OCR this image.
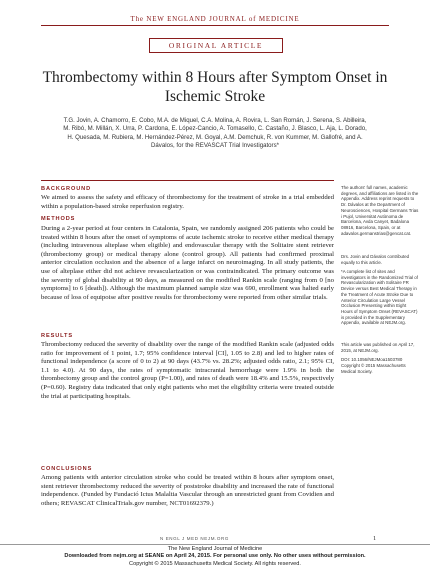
The NEW ENGLAND JOURNAL of MEDICINE
ORIGINAL ARTICLE
Thrombectomy within 8 Hours after Symptom Onset in Ischemic Stroke
T.G. Jovin, A. Chamorro, E. Cobo, M.A. de Miquel, C.A. Molina, A. Rovira, L. San Román, J. Serena, S. Abilleira, M. Ribó, M. Millán, X. Urra, P. Cardona, E. López-Cancio, A. Tomasello, C. Castaño, J. Blasco, L. Aja, L. Dorado, H. Quesada, M. Rubiera, M. Hernández-Pérez, M. Goyal, A.M. Demchuk, R. von Kummer, M. Gallofré, and A. Dávalos, for the REVASCAT Trial Investigators*
BACKGROUND
We aimed to assess the safety and efficacy of thrombectomy for the treatment of stroke in a trial embedded within a population-based stroke reperfusion registry.
METHODS
During a 2-year period at four centers in Catalonia, Spain, we randomly assigned 206 patients who could be treated within 8 hours after the onset of symptoms of acute ischemic stroke to receive either medical therapy (including intravenous alteplase when eligible) and endovascular therapy with the Solitaire stent retriever (thrombectomy group) or medical therapy alone (control group). All patients had confirmed proximal anterior circulation occlusion and the absence of a large infarct on neuroimaging. In all study patients, the use of alteplase either did not achieve revascularization or was contraindicated. The primary outcome was the severity of global disability at 90 days, as measured on the modified Rankin scale (ranging from 0 [no symptoms] to 6 [death]). Although the maximum planned sample size was 690, enrollment was halted early because of loss of equipoise after positive results for thrombectomy were reported from other similar trials.
RESULTS
Thrombectomy reduced the severity of disability over the range of the modified Rankin scale (adjusted odds ratio for improvement of 1 point, 1.7; 95% confidence interval [CI], 1.05 to 2.8) and led to higher rates of functional independence (a score of 0 to 2) at 90 days (43.7% vs. 28.2%; adjusted odds ratio, 2.1; 95% CI, 1.1 to 4.0). At 90 days, the rates of symptomatic intracranial hemorrhage were 1.9% in both the thrombectomy group and the control group (P=1.00), and rates of death were 18.4% and 15.5%, respectively (P=0.60). Registry data indicated that only eight patients who met the eligibility criteria were treated outside the trial at participating hospitals.
CONCLUSIONS
Among patients with anterior circulation stroke who could be treated within 8 hours after symptom onset, stent retriever thrombectomy reduced the severity of poststroke disability and increased the rate of functional independence. (Funded by Fundació Ictus Malaltia Vascular through an unrestricted grant from Covidien and others; REVASCAT ClinicalTrials.gov number, NCT01692379.)
The authors' full names, academic degrees, and affiliations are listed in the Appendix. Address reprint requests to Dr. Dávalos at the Department of Neurosciences, Hospital Germans Trias i Pujol, Universitat Autònoma de Barcelona, Avda Canyet, Badalona 08916, Barcelona, Spain, or at adavalos.germanstrias@gencat.cat.
Drs. Jovin and Dávalos contributed equally to this article.
*A complete list of sites and investigators in the Randomized Trial of Revascularization with Solitaire FR Device versus Best Medical Therapy in the Treatment of Acute Stroke Due to Anterior Circulation Large Vessel Occlusion Presenting within Eight Hours of Symptom Onset (REVASCAT) is provided in the Supplementary Appendix, available at NEJM.org.
This article was published on April 17, 2015, at NEJM.org.
DOI: 10.1056/NEJMoa1503780
Copyright © 2015 Massachusetts Medical Society.
N ENGL J MED NEJM.ORG	1
The New England Journal of Medicine
Downloaded from nejm.org at SEANE on April 24, 2015. For personal use only. No other uses without permission.
Copyright © 2015 Massachusetts Medical Society. All rights reserved.
